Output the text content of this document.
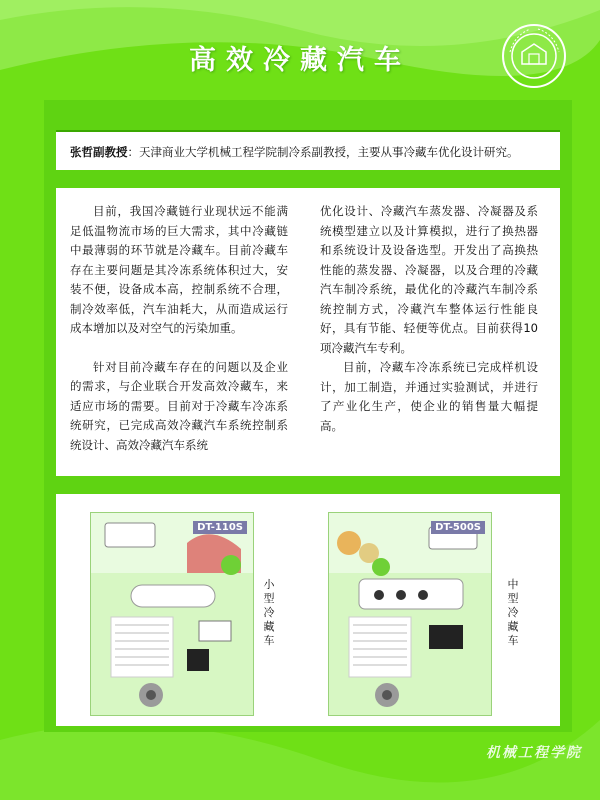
高效冷藏汽车
张哲副教授：天津商业大学机械工程学院制冷系副教授，主要从事冷藏车优化设计研究。

目前，我国冷藏链行业现状远不能满足低温物流市场的巨大需求，其中冷藏链中最薄弱的环节就是冷藏车。目前冷藏车存在主要问题是其冷冻系统体积过大，安装不便，设备成本高，控制系统不合理，制冷效率低，汽车油耗大，从而造成运行成本增加以及对空气的污染加重。

针对目前冷藏车存在的问题以及企业的需求，与企业联合开发高效冷藏车，来适应市场的需要。目前对于冷藏车冷冻系统研究，已完成高效冷藏汽车系统控制系统设计、高效冷藏汽车系统

优化设计、冷藏汽车蒸发器、冷凝器及系统模型建立以及计算模拟，进行了换热器和系统设计及设备选型。开发出了高换热性能的蒸发器、冷凝器，以及合理的冷藏汽车制冷系统，最优化的冷藏汽车制冷系统控制方式，冷藏汽车整体运行性能良好，具有节能、轻便等优点。目前获得10项冷藏汽车专利。

目前，冷藏车冷冻系统已完成样机设计，加工制造，并通过实验测试，并进行了产业化生产，使企业的销售量大幅提高。

DT-110S
小型冷藏车
DT-500S
中型冷藏车
机械工程学院
